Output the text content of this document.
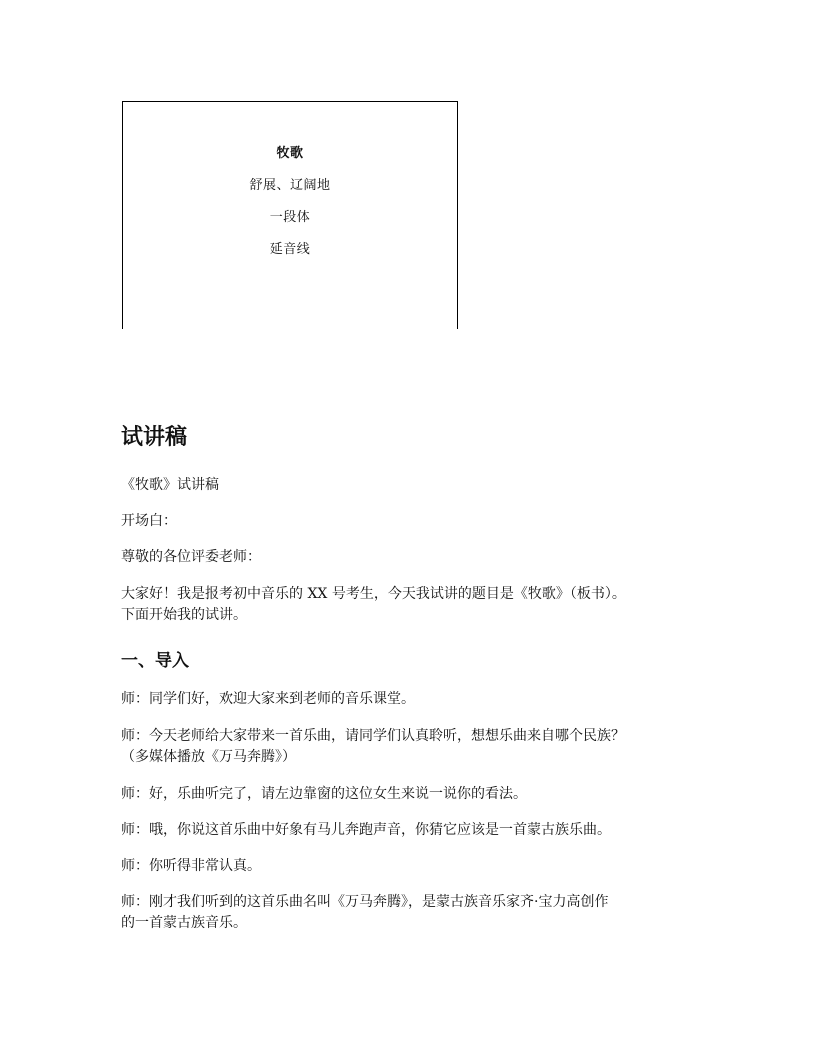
牧歌
舒展、辽阔地
一段体
延音线
试讲稿

《牧歌》试讲稿

开场白：

尊敬的各位评委老师：

大家好！我是报考初中音乐的 XX 号考生，今天我试讲的题目是《牧歌》（板书）。
下面开始我的试讲。

一、导入

师：同学们好，欢迎大家来到老师的音乐课堂。

师：今天老师给大家带来一首乐曲，请同学们认真聆听，想想乐曲来自哪个民族？
（多媒体播放《万马奔腾》）

师：好，乐曲听完了，请左边靠窗的这位女生来说一说你的看法。

师：哦，你说这首乐曲中好象有马儿奔跑声音，你猜它应该是一首蒙古族乐曲。

师：你听得非常认真。

师：刚才我们听到的这首乐曲名叫《万马奔腾》，是蒙古族音乐家齐·宝力高创作
的一首蒙古族音乐。
